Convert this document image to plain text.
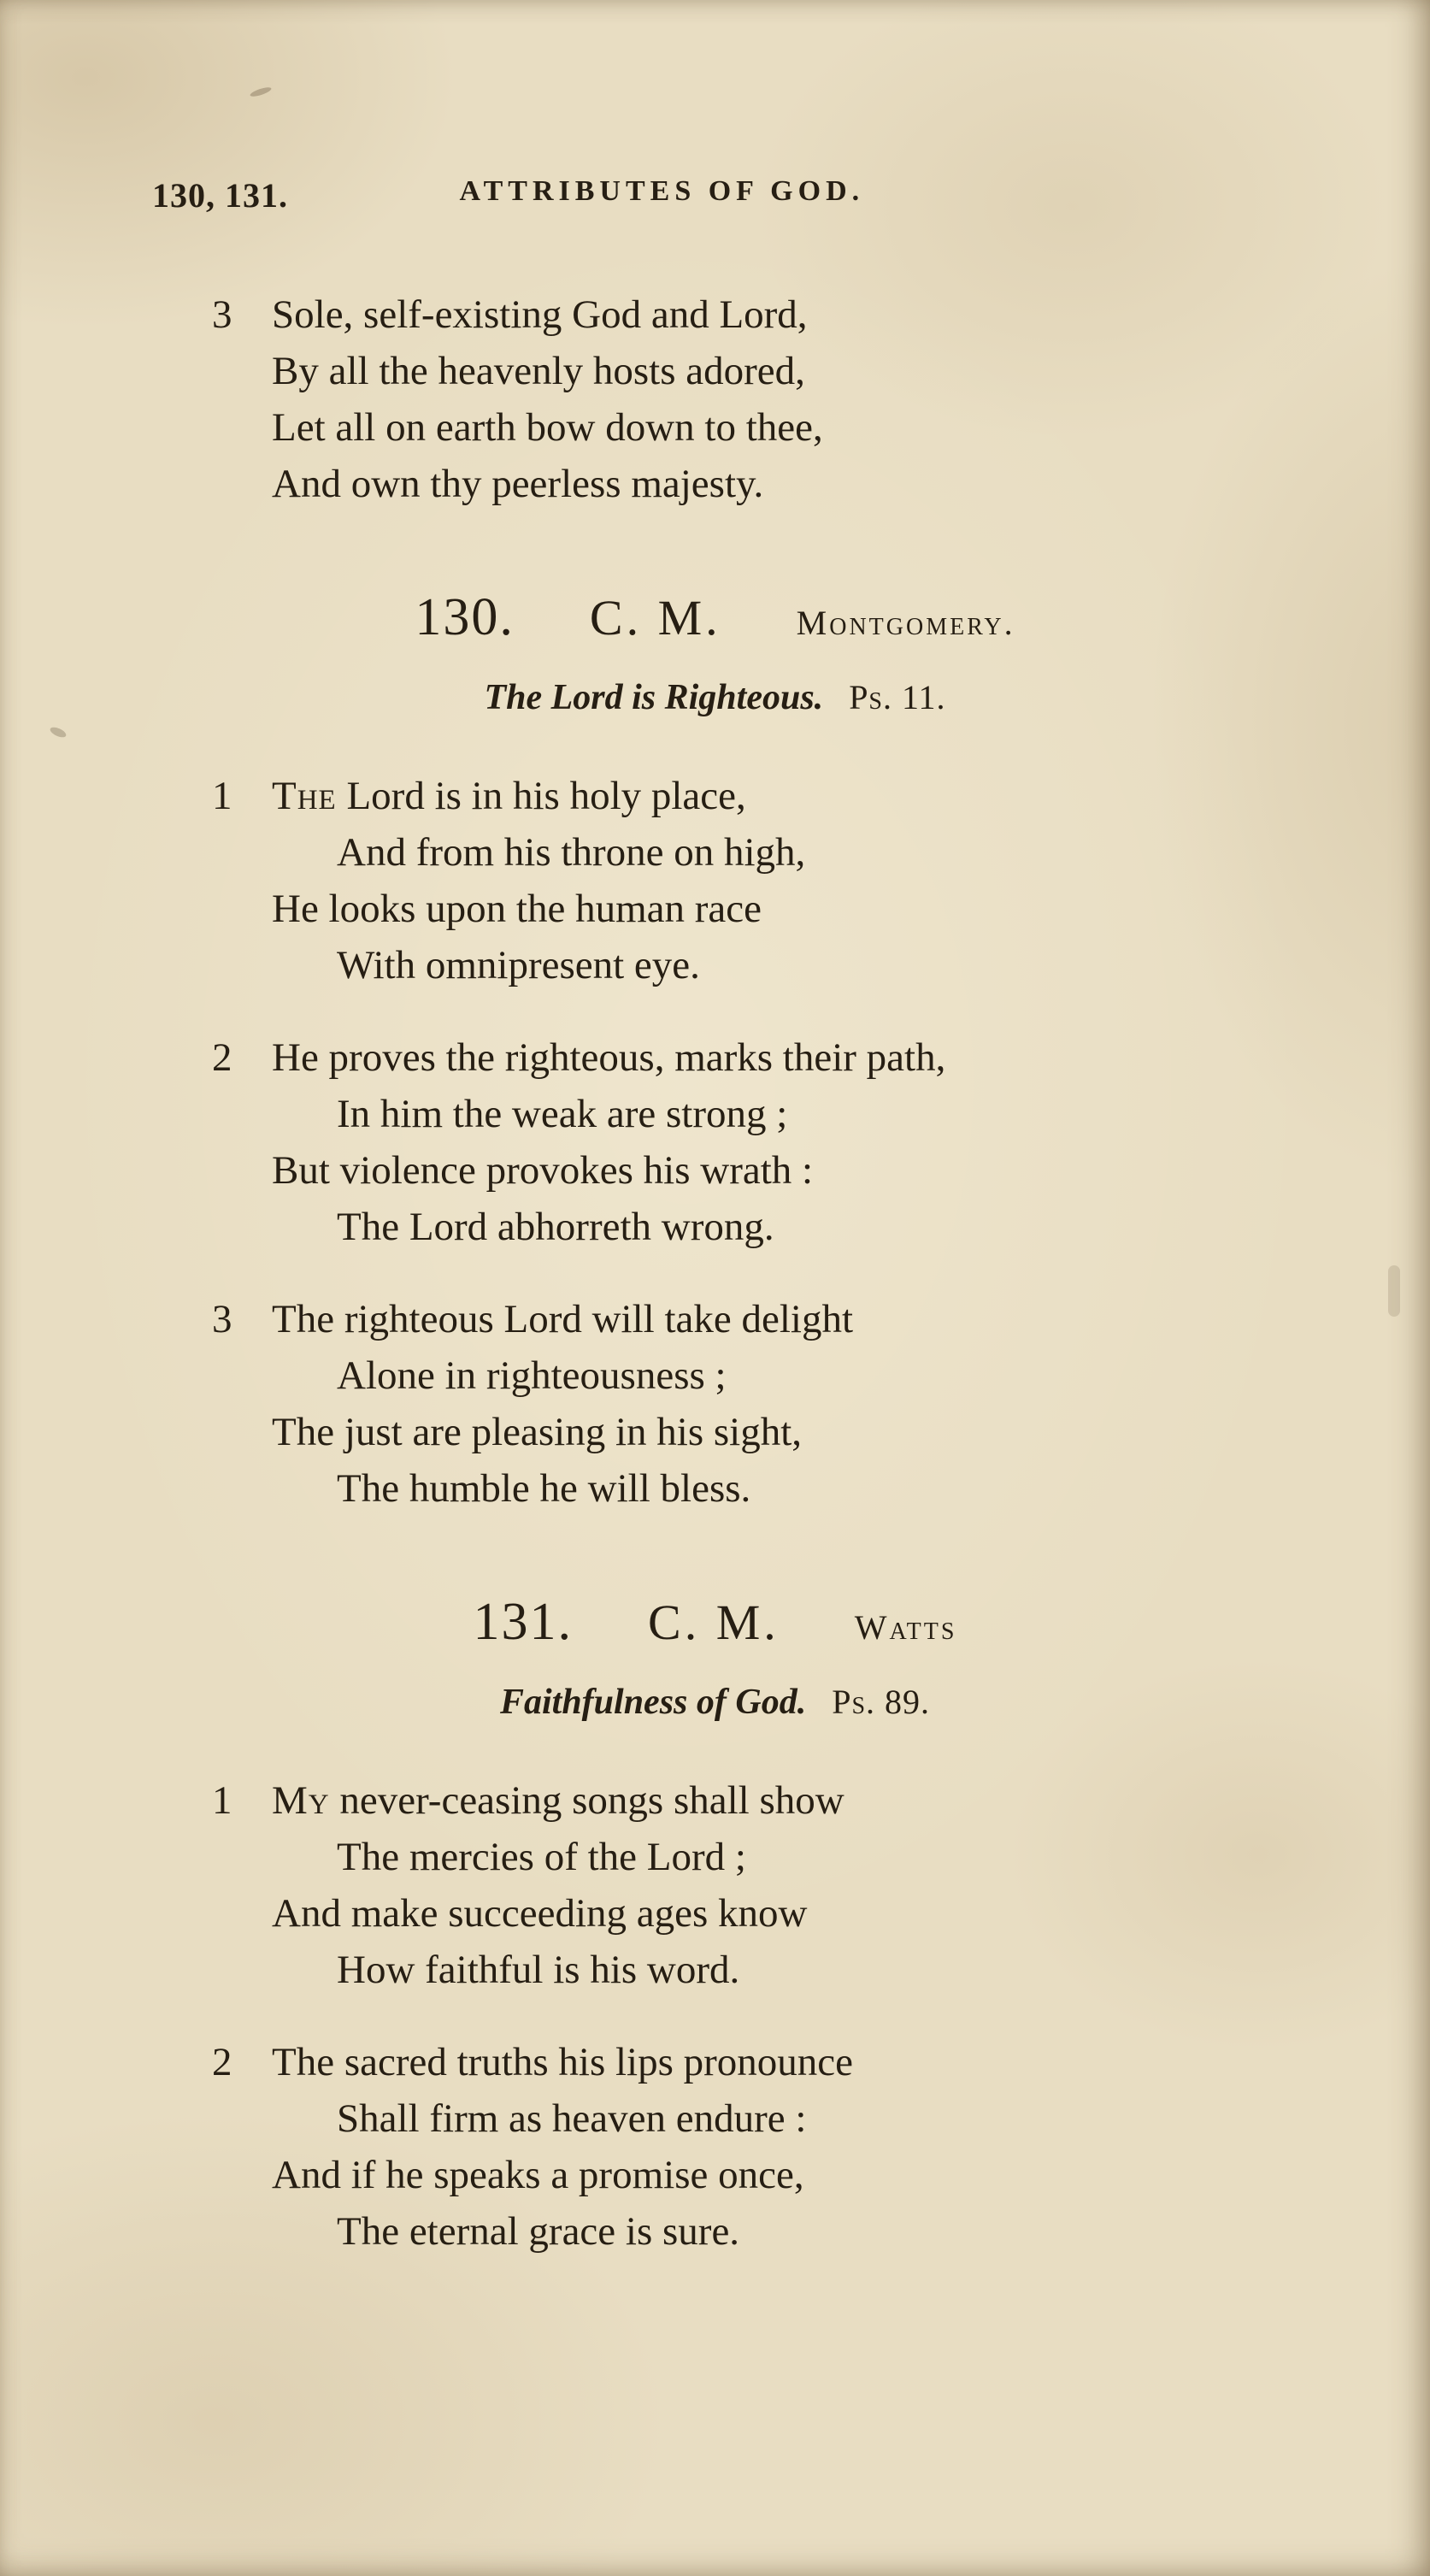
130, 131.	ATTRIBUTES OF GOD.
3 Sole, self-existing God and Lord,

By all the heavenly hosts adored,

Let all on earth bow down to thee,

And own thy peerless majesty.

130. C. M. Montgomery.
The Lord is Righteous. Ps. 11.
1 The Lord is in his holy place,

And from his throne on high,

He looks upon the human race

With omnipresent eye.

2 He proves the righteous, marks their path,

In him the weak are strong ;

But violence provokes his wrath :

The Lord abhorreth wrong.

3 The righteous Lord will take delight

Alone in righteousness ;

The just are pleasing in his sight,

The humble he will bless.

131. C. M. Watts
Faithfulness of God. Ps. 89.
1 My never-ceasing songs shall show

The mercies of the Lord ;

And make succeeding ages know

How faithful is his word.

2 The sacred truths his lips pronounce

Shall firm as heaven endure :

And if he speaks a promise once,

The eternal grace is sure.
